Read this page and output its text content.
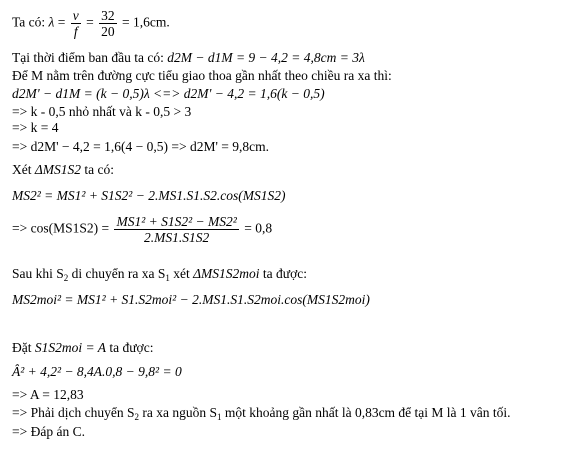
Ta có: $\lambda = \frac{v}{f} = \frac{32}{20} = 1,6cm$.
Tại thời điểm ban đầu ta có: d2M − d1M = 9 − 4,2 = 4,8cm = 3λ
Để M nằm trên đường cực tiểu giao thoa gần nhất theo chiều ra xa thì:
d2M' − d1M = (k − 0,5)λ <=> d2M' − 4,2 = 1,6(k − 0,5)
=> k - 0,5 nhỏ nhất và k - 0,5 > 3
=> k = 4
=> d2M' − 4,2 = 1,6(4 − 0,5) => d2M' = 9,8cm.
Xét ΔMS1S2 ta có:
MS2² = MS1² + S1S2² − 2.MS1.S1.S2.cos(MS1S2)
=> $\cos(MS1S2) = \frac{\text{MS1² + S1S2² − MS2²}}{2.MS1.S1S2} = 0,8$
Sau khi $S_2$ di chuyển ra xa $S_1$ xét ΔMS1S2moi ta được:
MS2moi² = MS1² + S1.S2moi² − 2.MS1.S1.S2moi.cos(MS1S2moi)
Đặt S1S2moi = A ta được:
Â² + 4,2² − 8,4A.0,8 − 9,8² = 0
=> A = 12,83
=> Phải dịch chuyển $S_2$ ra xa nguồn $S_1$ một khoảng gần nhất là 0,83cm để tại M là 1 vân tối.
=> Đáp án C.
